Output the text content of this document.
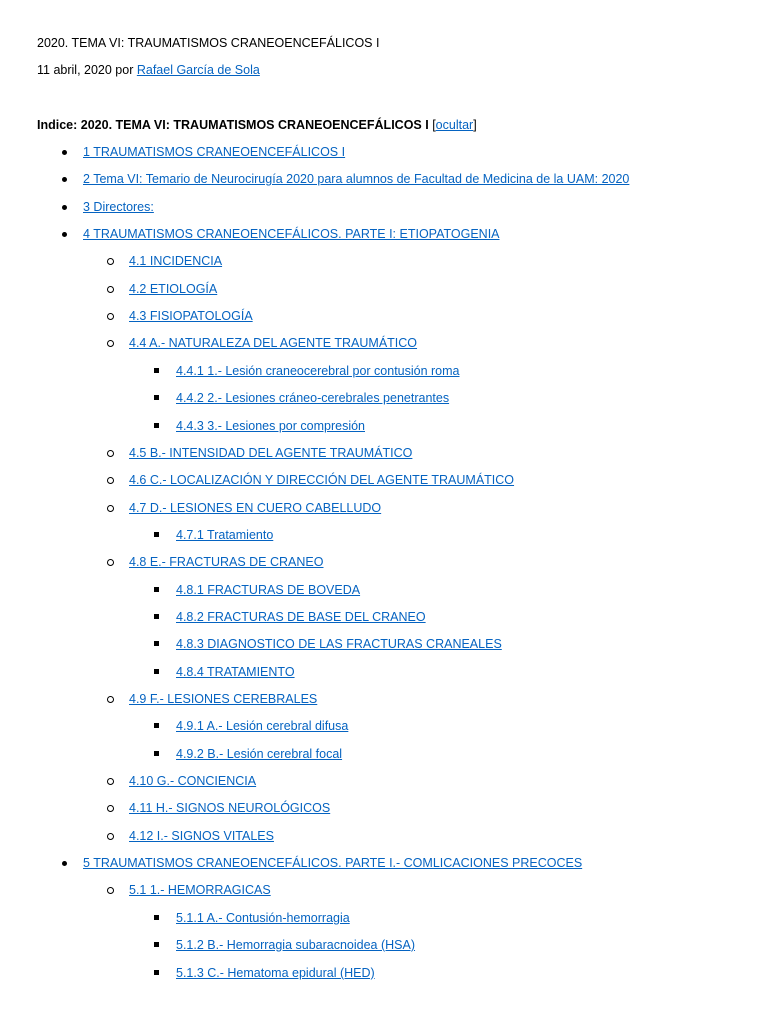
2020. TEMA VI: TRAUMATISMOS CRANEOENCEFÁLICOS I
11 abril, 2020 por Rafael García de Sola
Indice: 2020. TEMA VI: TRAUMATISMOS CRANEOENCEFÁLICOS I [ocultar]
1 TRAUMATISMOS CRANEOENCEFÁLICOS I
2 Tema VI: Temario de Neurocirugía 2020 para alumnos de Facultad de Medicina de la UAM: 2020
3 Directores:
4 TRAUMATISMOS CRANEOENCEFÁLICOS. PARTE I: ETIOPATOGENIA
4.1 INCIDENCIA
4.2 ETIOLOGÍA
4.3 FISIOPATOLOGÍA
4.4 A.- NATURALEZA DEL AGENTE TRAUMÁTICO
4.4.1 1.- Lesión craneocerebral por contusión roma
4.4.2 2.- Lesiones cráneo-cerebrales penetrantes
4.4.3 3.- Lesiones por compresión
4.5 B.- INTENSIDAD DEL AGENTE TRAUMÁTICO
4.6 C.- LOCALIZACIÓN Y DIRECCIÓN DEL AGENTE TRAUMÁTICO
4.7 D.- LESIONES EN CUERO CABELLUDO
4.7.1 Tratamiento
4.8 E.- FRACTURAS DE CRANEO
4.8.1 FRACTURAS DE BOVEDA
4.8.2 FRACTURAS DE BASE DEL CRANEO
4.8.3 DIAGNOSTICO DE LAS FRACTURAS CRANEALES
4.8.4 TRATAMIENTO
4.9 F.- LESIONES CEREBRALES
4.9.1 A.- Lesión cerebral difusa
4.9.2 B.- Lesión cerebral focal
4.10 G.- CONCIENCIA
4.11 H.- SIGNOS NEUROLÓGICOS
4.12 I.- SIGNOS VITALES
5 TRAUMATISMOS CRANEOENCEFÁLICOS. PARTE I.- COMLICACIONES PRECOCES
5.1 1.- HEMORRAGICAS
5.1.1 A.- Contusión-hemorragia
5.1.2 B.- Hemorragia subaracnoidea (HSA)
5.1.3 C.- Hematoma epidural (HED)
